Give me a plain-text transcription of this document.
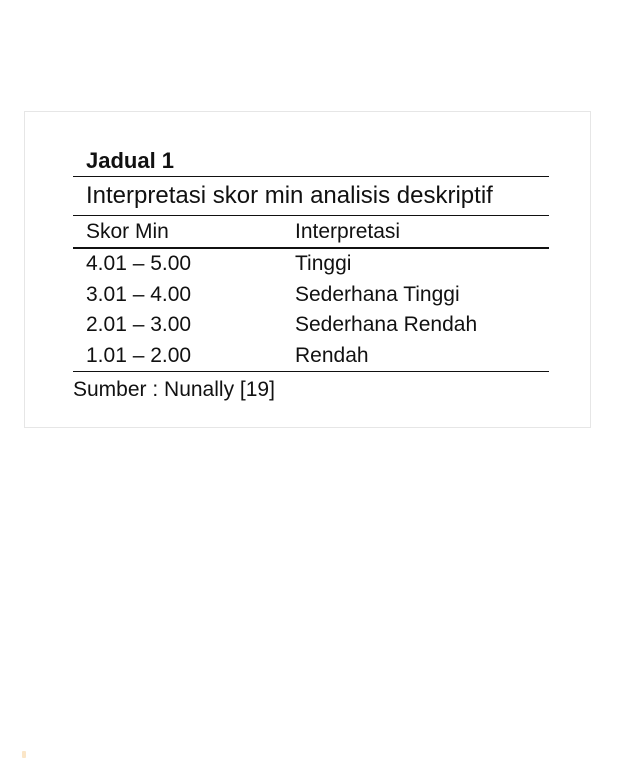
Jadual 1
Interpretasi skor min analisis deskriptif
Skor Min	Interpretasi
4.01 – 5.00	Tinggi
3.01 – 4.00	Sederhana Tinggi
2.01 – 3.00	Sederhana Rendah
1.01 – 2.00	Rendah
Sumber : Nunally [19]
